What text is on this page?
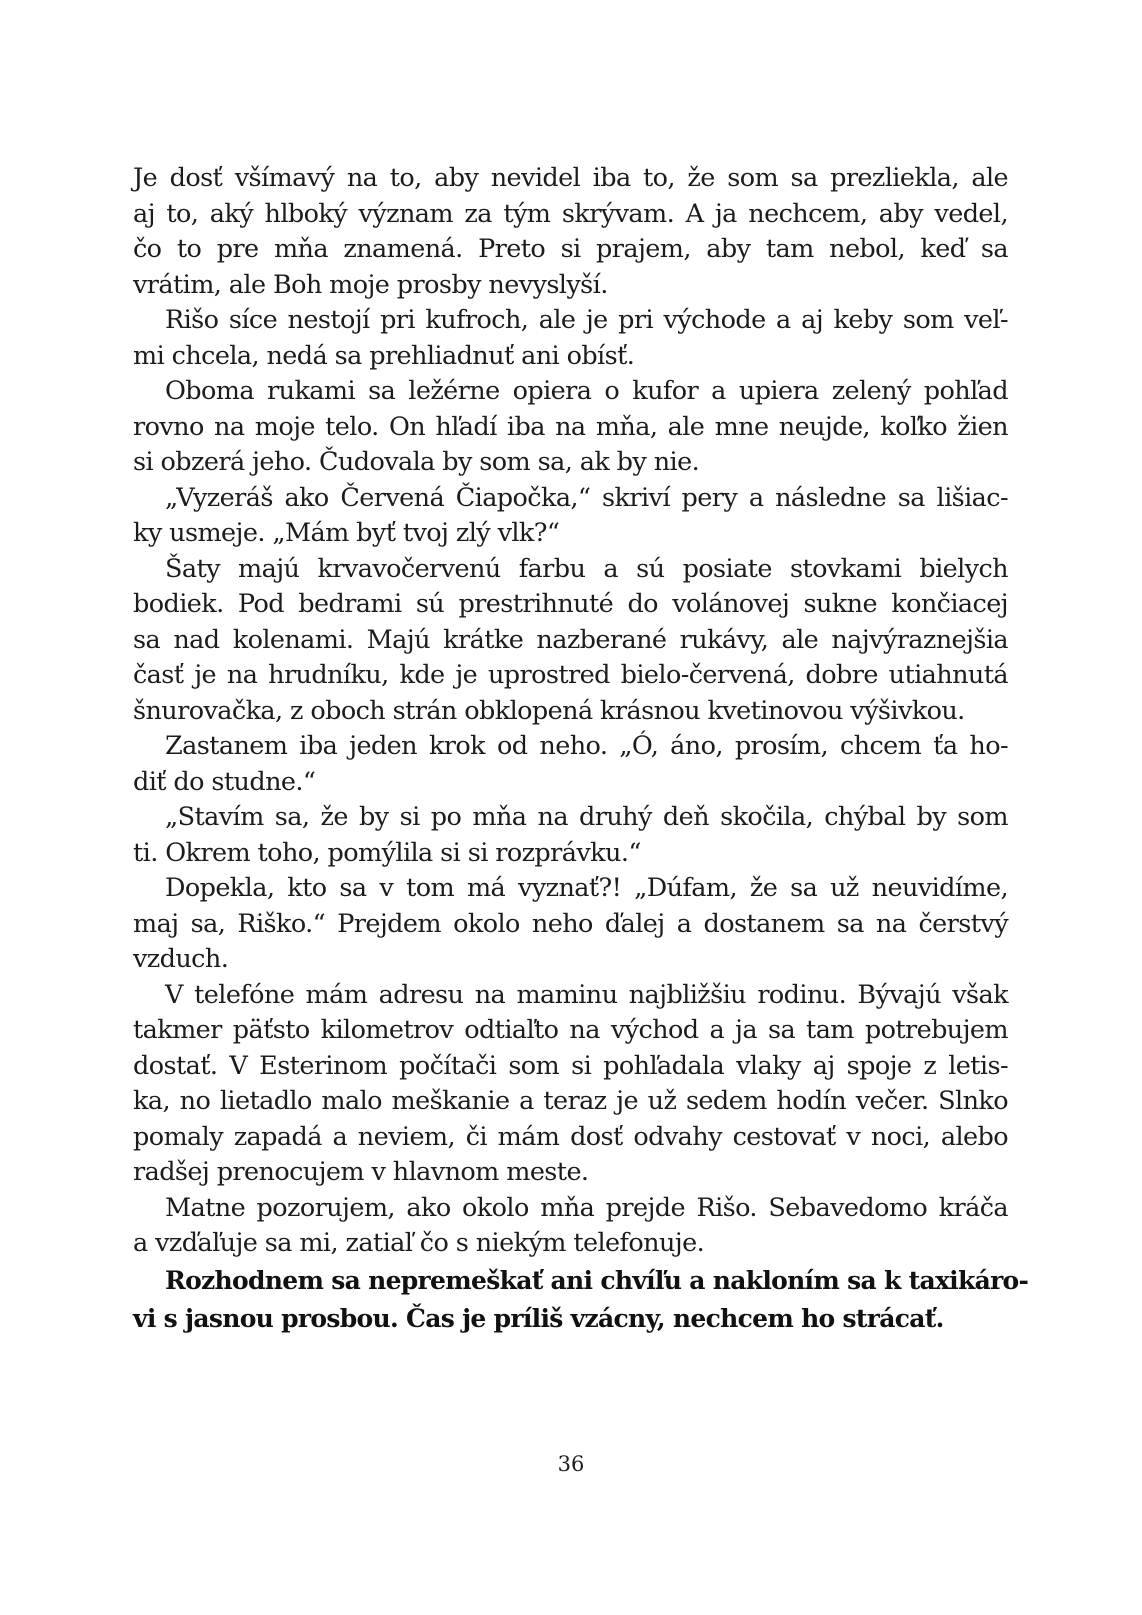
Je dosť všímavý na to, aby nevidel iba to, že som sa prezliekla, ale
aj to, aký hlboký význam za tým skrývam. A ja nechcem, aby vedel,
čo to pre mňa znamená. Preto si prajem, aby tam nebol, keď sa
vrátim, ale Boh moje prosby nevyslyší.
Rišo síce nestojí pri kufroch, ale je pri východe a aj keby som veľ-
mi chcela, nedá sa prehliadnuť ani obísť.
Oboma rukami sa ležérne opiera o kufor a upiera zelený pohľad
rovno na moje telo. On hľadí iba na mňa, ale mne neujde, koľko žien
si obzerá jeho. Čudovala by som sa, ak by nie.
„Vyzeráš ako Červená Čiapočka,“ skriví pery a následne sa lišiac-
ky usmeje. „Mám byť tvoj zlý vlk?“
Šaty majú krvavočervenú farbu a sú posiate stovkami bielych
bodiek. Pod bedrami sú prestrihnuté do volánovej sukne končiacej
sa nad kolenami. Majú krátke nazberané rukávy, ale najvýraznejšia
časť je na hrudníku, kde je uprostred bielo-červená, dobre utiahnutá
šnurovačka, z oboch strán obklopená krásnou kvetinovou výšivkou.
Zastanem iba jeden krok od neho. „Ó, áno, prosím, chcem ťa ho-
diť do studne.“
„Stavím sa, že by si po mňa na druhý deň skočila, chýbal by som
ti. Okrem toho, pomýlila si si rozprávku.“
Dopekla, kto sa v tom má vyznať?! „Dúfam, že sa už neuvidíme,
maj sa, Riško.“ Prejdem okolo neho ďalej a dostanem sa na čerstvý
vzduch.
V telefóne mám adresu na maminu najbližšiu rodinu. Bývajú však
takmer päťsto kilometrov odtiaľto na východ a ja sa tam potrebujem
dostať. V Esterinom počítači som si pohľadala vlaky aj spoje z letis-
ka, no lietadlo malo meškanie a teraz je už sedem hodín večer. Slnko
pomaly zapadá a neviem, či mám dosť odvahy cestovať v noci, alebo
radšej prenocujem v hlavnom meste.
Matne pozorujem, ako okolo mňa prejde Rišo. Sebavedomo kráča
a vzďaľuje sa mi, zatiaľ čo s niekým telefonuje.
Rozhodnem sa nepremeškať ani chvíľu a nakloním sa k taxikáro-
vi s jasnou prosbou. Čas je príliš vzácny, nechcem ho strácať.
36
